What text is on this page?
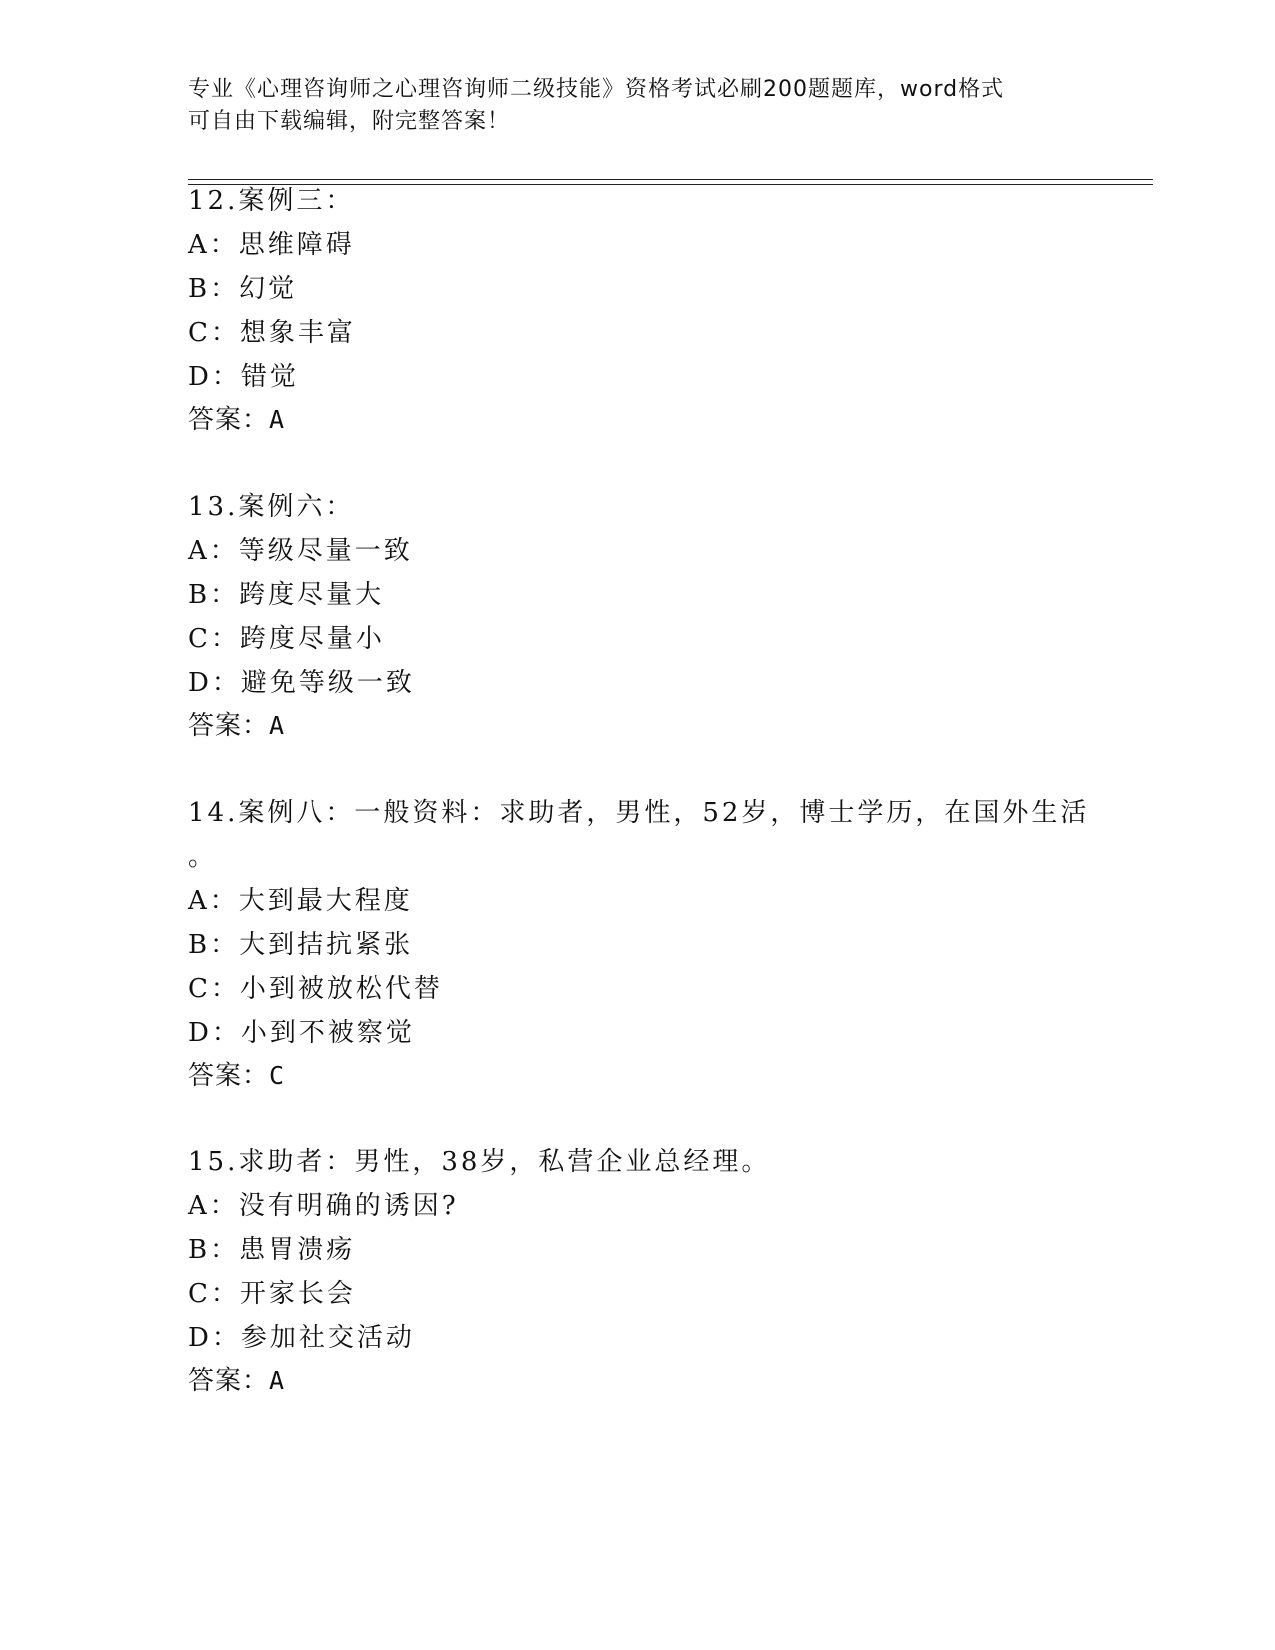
专业《心理咨询师之心理咨询师二级技能》资格考试必刷200题题库，word格式
可自由下载编辑，附完整答案！
12.案例三：
A：思维障碍
B：幻觉
C：想象丰富
D：错觉
答案：A
13.案例六：
A：等级尽量一致
B：跨度尽量大
C：跨度尽量小
D：避免等级一致
答案：A
14.案例八：一般资料：求助者，男性，52岁，博士学历，在国外生活
。
A：大到最大程度
B：大到拮抗紧张
C：小到被放松代替
D：小到不被察觉
答案：C
15.求助者：男性，38岁，私营企业总经理。
A：没有明确的诱因?
B：患胃溃疡
C：开家长会
D：参加社交活动
答案：A
